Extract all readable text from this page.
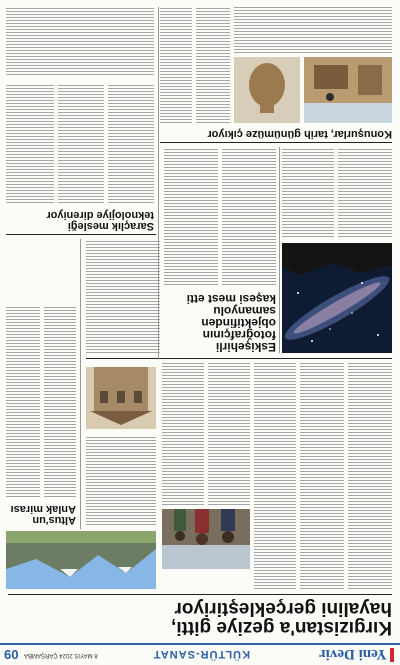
Yeni Devir
KÜLTÜR-SANAT
8 MAYIS 2024 ÇARŞAMBA
09
Kırgızistan'a geziye gitti,
hayalini gerçekleştiriyor
Altus'un
Anlak mirası
Eskişehirli
fotoğrafçının
objektifinden
samanyolu
kaşesi mest etti
Saraçlık mesleği
teknolojiye direniyor
Konuşurlar, tarih günümüze çıkıyor
